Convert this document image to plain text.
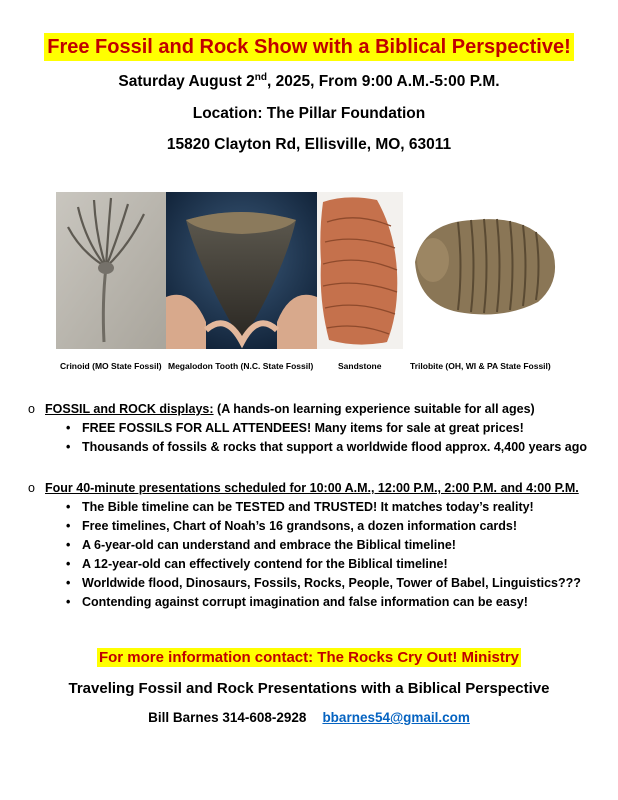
Free Fossil and Rock Show with a Biblical Perspective!
Saturday August 2nd, 2025, From 9:00 A.M.-5:00 P.M.
Location: The Pillar Foundation
15820 Clayton Rd, Ellisville, MO, 63011
Crinoid (MO State Fossil) Megalodon Tooth (N.C. State Fossil)	Sandstone	Trilobite (OH, WI & PA State Fossil)
o FOSSIL and ROCK displays: (A hands-on learning experience suitable for all ages)
• FREE FOSSILS FOR ALL ATTENDEES! Many items for sale at great prices!
• Thousands of fossils & rocks that support a worldwide flood approx. 4,400 years ago
o Four 40-minute presentations scheduled for 10:00 A.M., 12:00 P.M., 2:00 P.M. and 4:00 P.M.
• The Bible timeline can be TESTED and TRUSTED! It matches today’s reality!
• Free timelines, Chart of Noah’s 16 grandsons, a dozen information cards!
• A 6-year-old can understand and embrace the Biblical timeline!
• A 12-year-old can effectively contend for the Biblical timeline!
• Worldwide flood, Dinosaurs, Fossils, Rocks, People, Tower of Babel, Linguistics???
• Contending against corrupt imagination and false information can be easy!
For more information contact: The Rocks Cry Out! Ministry
Traveling Fossil and Rock Presentations with a Biblical Perspective
Bill Barnes 314-608-2928 bbarnes54@gmail.com
